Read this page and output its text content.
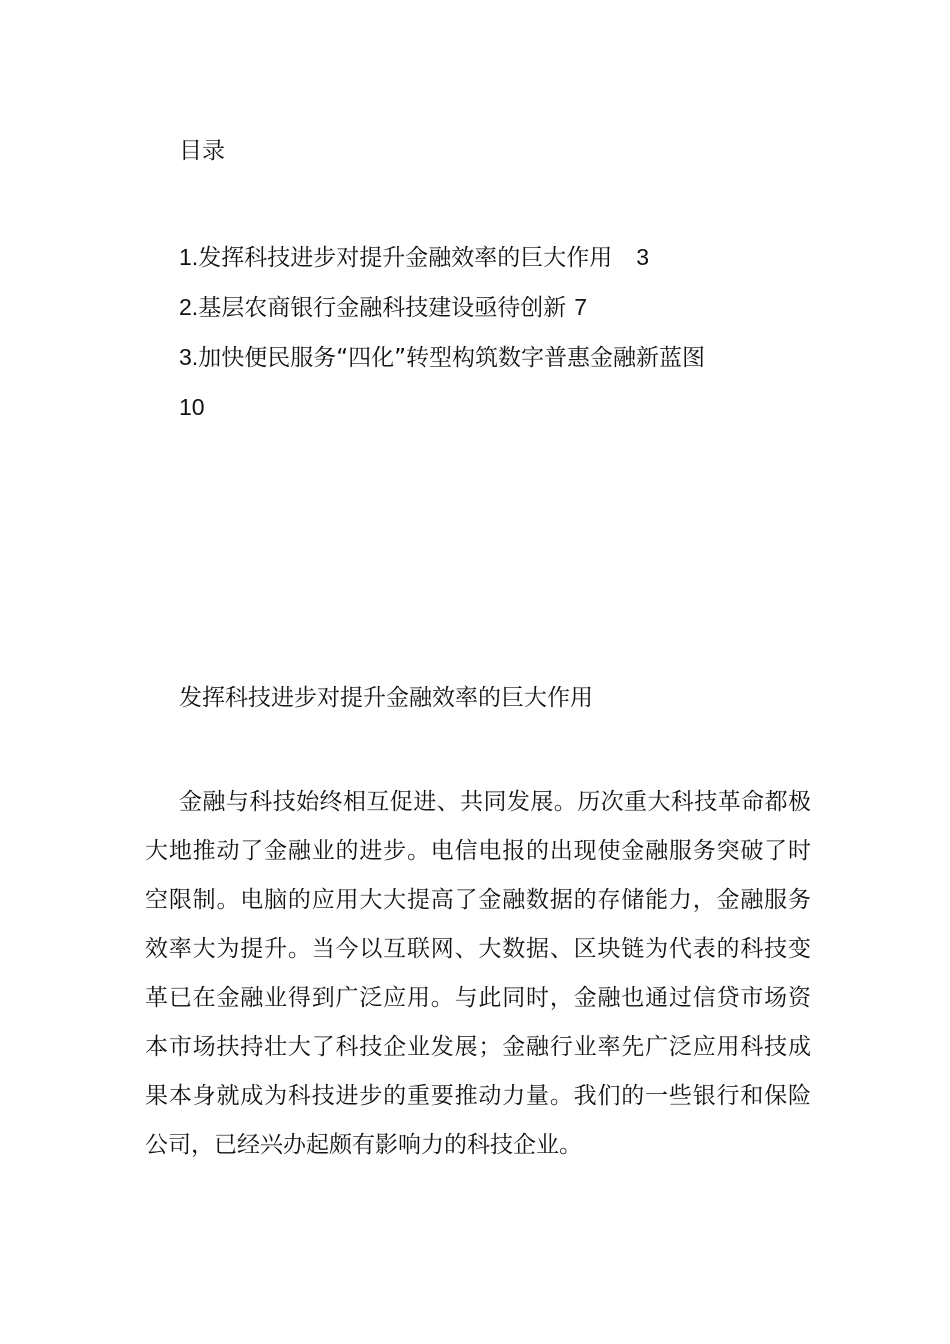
目录
1.发挥科技进步对提升金融效率的巨大作用 3
2.基层农商银行金融科技建设亟待创新 7
3.加快便民服务“四化”转型构筑数字普惠金融新蓝图
10
发挥科技进步对提升金融效率的巨大作用
金融与科技始终相互促进、共同发展。历次重大科技革命都极大地推动了金融业的进步。电信电报的出现使金融服务突破了时空限制。电脑的应用大大提高了金融数据的存储能力，金融服务效率大为提升。当今以互联网、大数据、区块链为代表的科技变革已在金融业得到广泛应用。与此同时，金融也通过信贷市场资本市场扶持壮大了科技企业发展；金融行业率先广泛应用科技成果本身就成为科技进步的重要推动力量。我们的一些银行和保险公司，已经兴办起颇有影响力的科技企业。
